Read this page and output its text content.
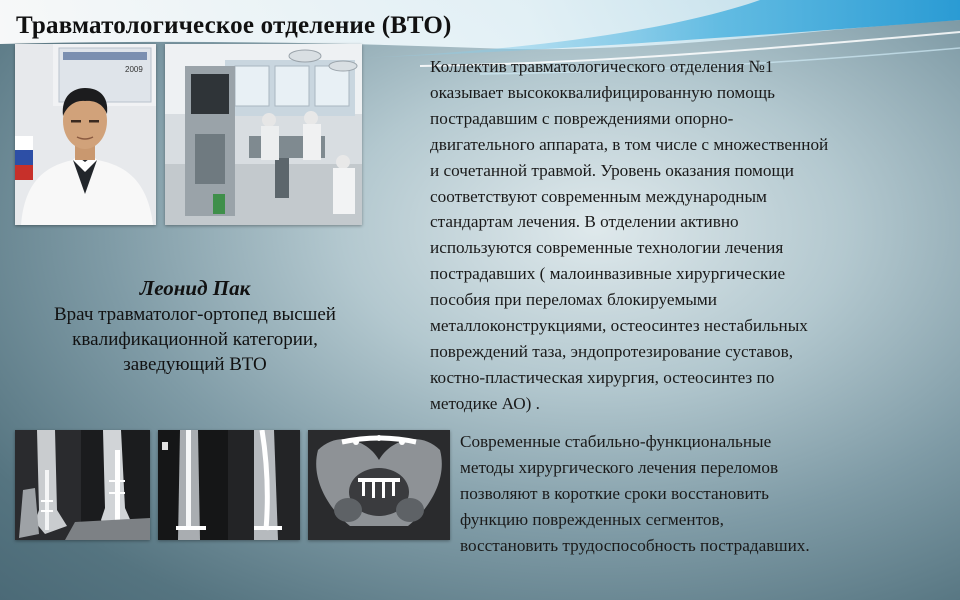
Травматологическое отделение (ВТО)
2009
Леонид Пак
Врач травматолог-ортопед высшей
квалификационной категории,
заведующий ВТО
Коллектив травматологического отделения №1
оказывает высококвалифицированную помощь
пострадавшим с повреждениями опорно-
двигательного аппарата, в том числе с множественной
и сочетанной травмой. Уровень оказания помощи
соответствуют современным международным
стандартам лечения. В отделении активно
используются современные технологии лечения
пострадавших ( малоинвазивные хирургические
пособия при переломах блокируемыми
металлоконструкциями, остеосинтез нестабильных
повреждений таза, эндопротезирование суставов,
костно-пластическая хирургия, остеосинтез по
методике АО) .
Современные стабильно-функциональные
методы хирургического лечения переломов
позволяют в короткие сроки восстановить
функцию поврежденных сегментов,
восстановить трудоспособность пострадавших.
